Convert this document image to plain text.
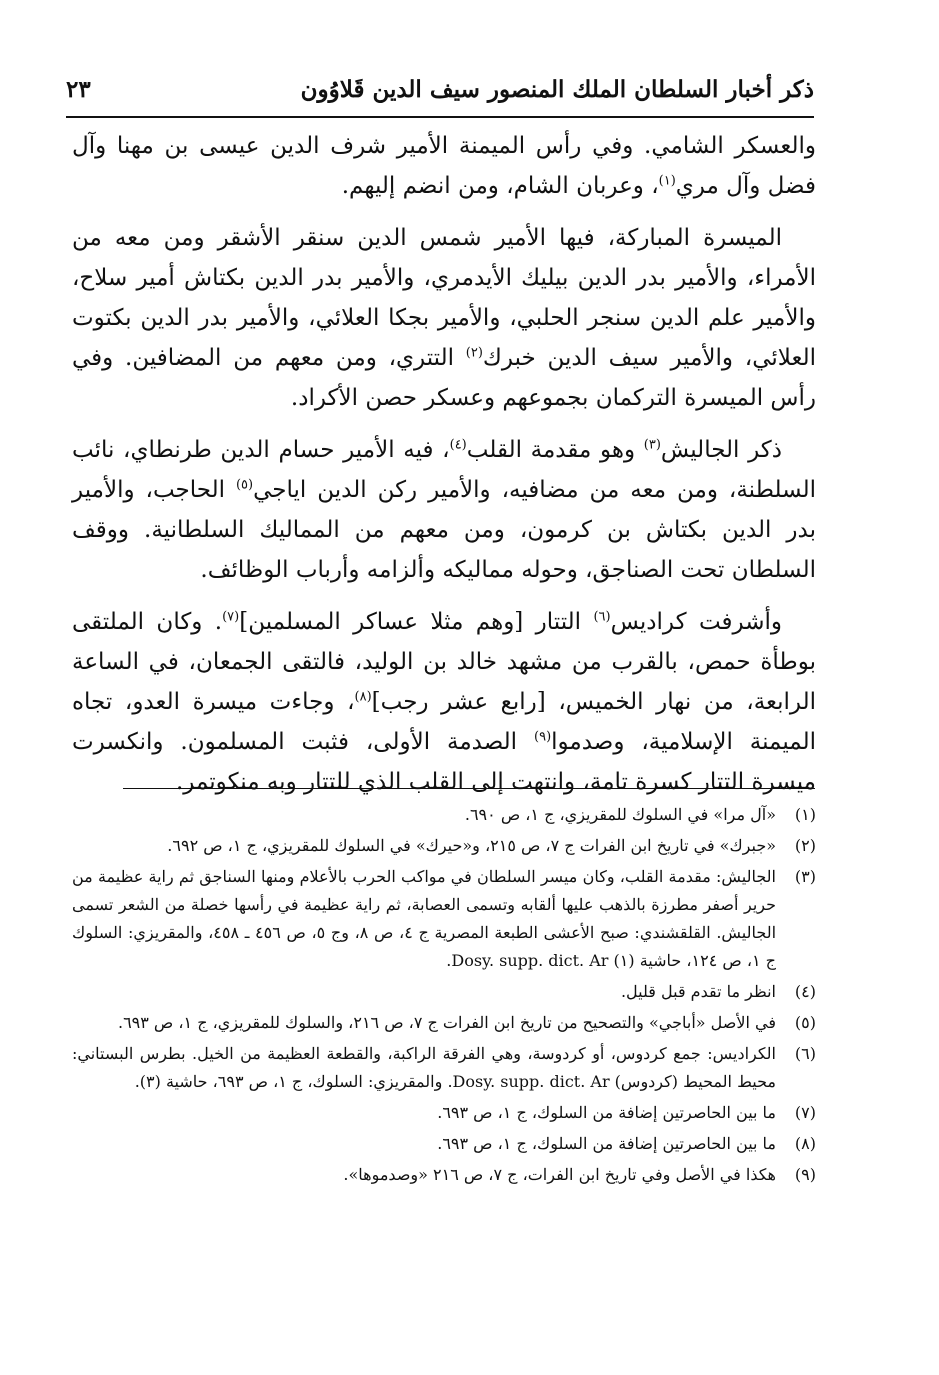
ذكر أخبار السلطان الملك المنصور سيف الدين قَلاوُون
٢٣

والعسكر الشامي. وفي رأس الميمنة الأمير شرف الدين عيسى بن مهنا وآل فضل وآل مري$^{(١)}$، وعربان الشام، ومن انضم إليهم.

الميسرة المباركة، فيها الأمير شمس الدين سنقر الأشقر ومن معه من الأمراء، والأمير بدر الدين بيليك الأيدمري، والأمير بدر الدين بكتاش أمير سلاح، والأمير علم الدين سنجر الحلبي، والأمير بجكا العلائي، والأمير بدر الدين بكتوت العلائي، والأمير سيف الدين خبرك$^{(٢)}$ التتري، ومن معهم من المضافين. وفي رأس الميسرة التركمان بجموعهم وعسكر حصن الأكراد.

ذكر الجاليش$^{(٣)}$ وهو مقدمة القلب$^{(٤)}$، فيه الأمير حسام الدين طرنطاي، نائب السلطنة، ومن معه من مضافيه، والأمير ركن الدين اياجي$^{(٥)}$ الحاجب، والأمير بدر الدين بكتاش بن كرمون، ومن معهم من المماليك السلطانية. ووقف السلطان تحت الصناجق، وحوله مماليكه وألزامه وأرباب الوظائف.

وأشرفت كراديس$^{(٦)}$ التتار [وهم مثلا عساكر المسلمين]$^{(٧)}$. وكان الملتقى بوطأة حمص، بالقرب من مشهد خالد بن الوليد، فالتقى الجمعان، في الساعة الرابعة، من نهار الخميس، [رابع عشر رجب]$^{(٨)}$، وجاءت ميسرة العدو، تجاه الميمنة الإسلامية، وصدموا$^{(٩)}$ الصدمة الأولى، فثبت المسلمون. وانكسرت ميسرة التتار كسرة تامة، وانتهت إلى القلب الذي للتتار وبه منكوتمر.

(١)
«آل مرا» في السلوك للمقريزي، ج ١، ص ٦٩٠.
(٢)
«جبرك» في تاريخ ابن الفرات ج ٧، ص ٢١٥، و«حيرك» في السلوك للمقريزي، ج ١، ص ٦٩٢.
(٣)
الجاليش: مقدمة القلب، وكان ميسر السلطان في مواكب الحرب بالأعلام ومنها السناجق ثم راية عظيمة من حرير أصفر مطرزة بالذهب عليها ألقابه وتسمى العصابة، ثم راية عظيمة في رأسها خصلة من الشعر تسمى الجاليش. القلقشندي: صبح الأعشى الطبعة المصرية ج ٤، ص ٨، وج ٥، ص ٤٥٦ ـ ٤٥٨، والمقريزي: السلوك ج ١، ص ١٢٤، حاشية (١) Dosy. supp. dict. Ar.
(٤)
انظر ما تقدم قبل قليل.
(٥)
في الأصل «أباجي» والتصحيح من تاريخ ابن الفرات ج ٧، ص ٢١٦، والسلوك للمقريزي، ج ١، ص ٦٩٣.
(٦)
الكراديس: جمع كردوس، أو كردوسة، وهي الفرقة الراكبة، والقطعة العظيمة من الخيل. بطرس البستاني: محيط المحيط (كردوس) Dosy. supp. dict. Ar. والمقريزي: السلوك، ج ١، ص ٦٩٣، حاشية (٣).
(٧)
ما بين الحاصرتين إضافة من السلوك، ج ١، ص ٦٩٣.
(٨)
ما بين الحاصرتين إضافة من السلوك، ج ١، ص ٦٩٣.
(٩)
هكذا في الأصل وفي تاريخ ابن الفرات، ج ٧، ص ٢١٦ «وصدموها».
